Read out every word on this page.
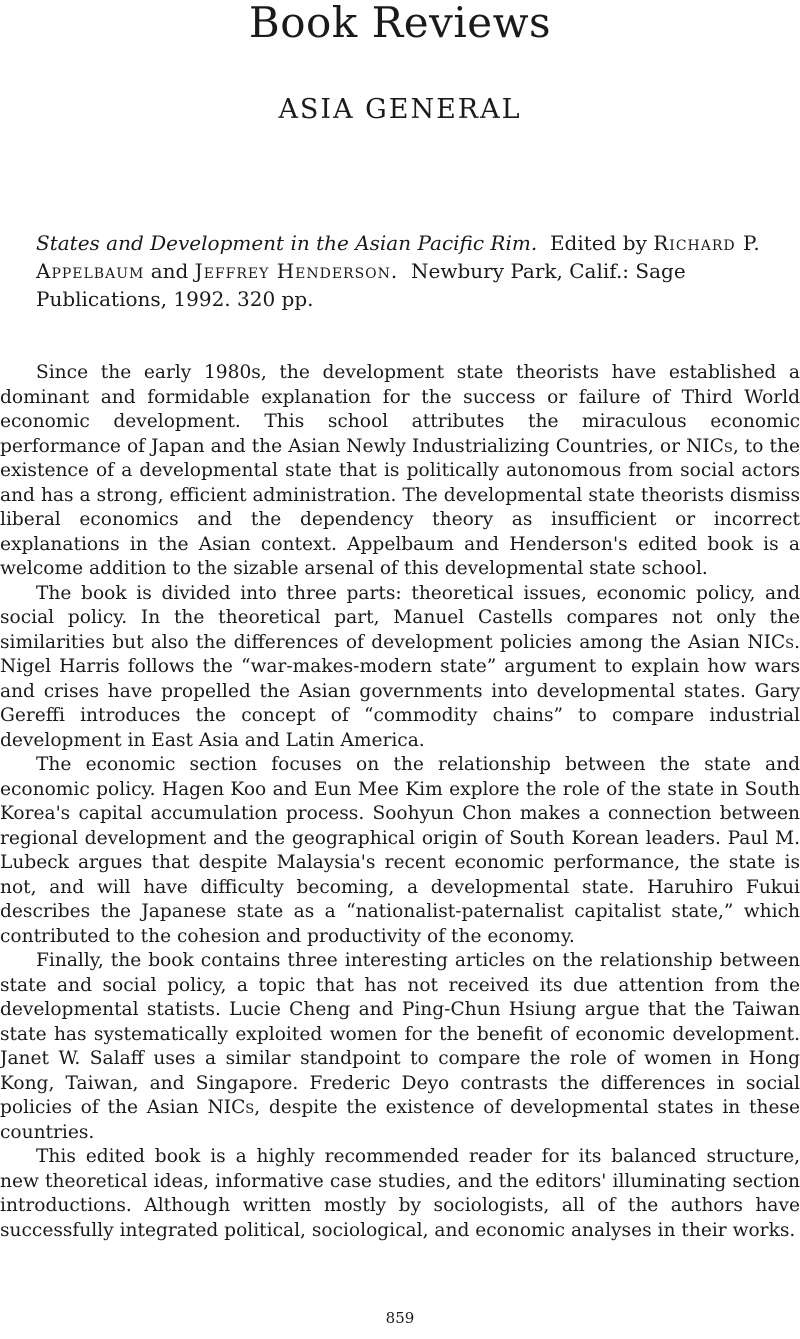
Book Reviews
ASIA GENERAL

States and Development in the Asian Pacific Rim. Edited by Richard P. Appelbaum and Jeffrey Henderson. Newbury Park, Calif.: Sage Publications, 1992. 320 pp.

Since the early 1980s, the development state theorists have established a dominant and formidable explanation for the success or failure of Third World economic development. This school attributes the miraculous economic performance of Japan and the Asian Newly Industrializing Countries, or NICs, to the existence of a developmental state that is politically autonomous from social actors and has a strong, efficient administration. The developmental state theorists dismiss liberal economics and the dependency theory as insufficient or incorrect explanations in the Asian context. Appelbaum and Henderson's edited book is a welcome addition to the sizable arsenal of this developmental state school.

The book is divided into three parts: theoretical issues, economic policy, and social policy. In the theoretical part, Manuel Castells compares not only the similarities but also the differences of development policies among the Asian NICs. Nigel Harris follows the “war-makes-modern state” argument to explain how wars and crises have propelled the Asian governments into developmental states. Gary Gereffi introduces the concept of “commodity chains” to compare industrial development in East Asia and Latin America.

The economic section focuses on the relationship between the state and economic policy. Hagen Koo and Eun Mee Kim explore the role of the state in South Korea's capital accumulation process. Soohyun Chon makes a connection between regional development and the geographical origin of South Korean leaders. Paul M. Lubeck argues that despite Malaysia's recent economic performance, the state is not, and will have difficulty becoming, a developmental state. Haruhiro Fukui describes the Japanese state as a “nationalist-paternalist capitalist state,” which contributed to the cohesion and productivity of the economy.

Finally, the book contains three interesting articles on the relationship between state and social policy, a topic that has not received its due attention from the developmental statists. Lucie Cheng and Ping-Chun Hsiung argue that the Taiwan state has systematically exploited women for the benefit of economic development. Janet W. Salaff uses a similar standpoint to compare the role of women in Hong Kong, Taiwan, and Singapore. Frederic Deyo contrasts the differences in social policies of the Asian NICs, despite the existence of developmental states in these countries.

This edited book is a highly recommended reader for its balanced structure, new theoretical ideas, informative case studies, and the editors' illuminating section introductions. Although written mostly by sociologists, all of the authors have successfully integrated political, sociological, and economic analyses in their works.

859
